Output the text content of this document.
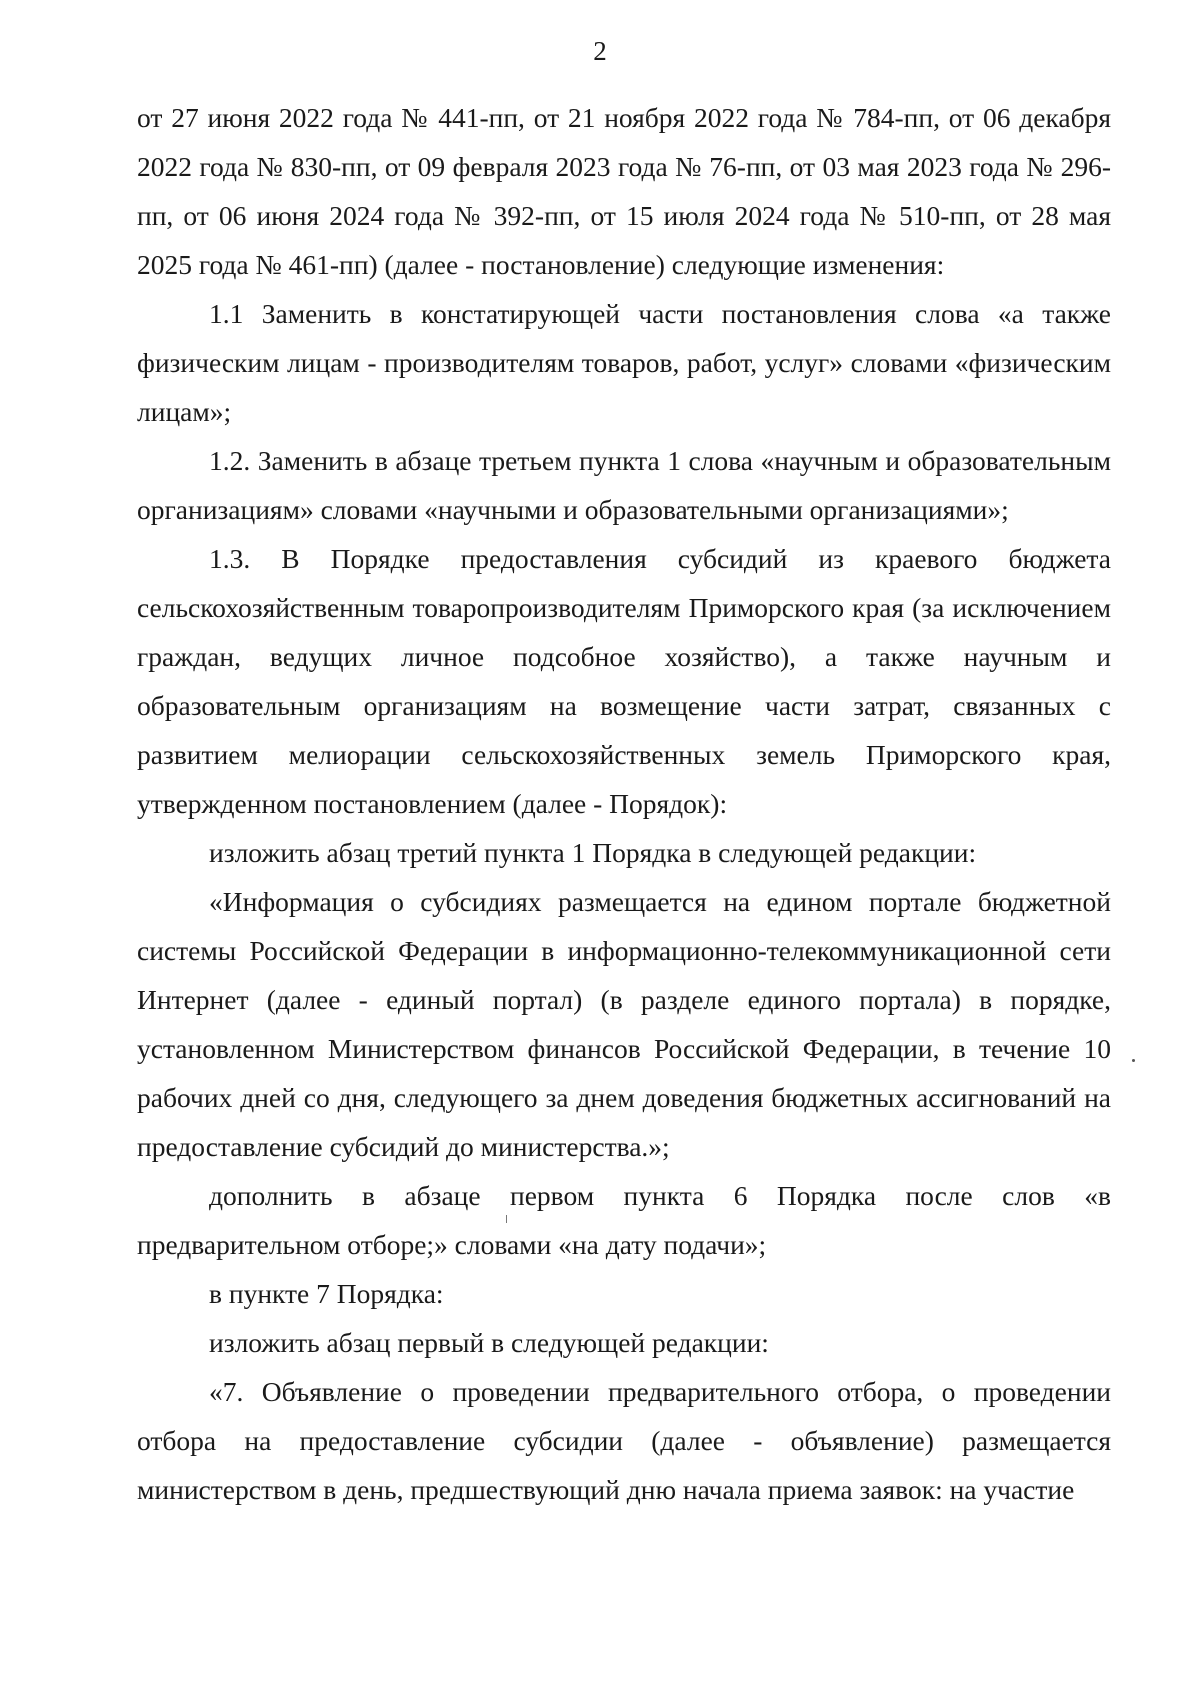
2

от 27 июня 2022 года № 441-пп, от 21 ноября 2022 года № 784-пп, от 06 декабря 2022 года № 830-пп, от 09 февраля 2023 года № 76-пп, от 03 мая 2023 года № 296-пп, от 06 июня 2024 года № 392-пп, от 15 июля 2024 года № 510-пп, от 28 мая 2025 года № 461-пп) (далее - постановление) следующие изменения:

1.1 Заменить в констатирующей части постановления слова «а также физическим лицам - производителям товаров, работ, услуг» словами «физическим лицам»;

1.2. Заменить в абзаце третьем пункта 1 слова «научным и образовательным организациям» словами «научными и образовательными организациями»;

1.3. В Порядке предоставления субсидий из краевого бюджета сельскохозяйственным товаропроизводителям Приморского края (за исключением граждан, ведущих личное подсобное хозяйство), а также научным и образовательным организациям на возмещение части затрат, связанных с развитием мелиорации сельскохозяйственных земель Приморского края, утвержденном постановлением (далее - Порядок):

изложить абзац третий пункта 1 Порядка в следующей редакции:

«Информация о субсидиях размещается на едином портале бюджетной системы Российской Федерации в информационно-телекоммуникационной сети Интернет (далее - единый портал) (в разделе единого портала) в порядке, установленном Министерством финансов Российской Федерации, в течение 10 рабочих дней со дня, следующего за днем доведения бюджетных ассигнований на предоставление субсидий до министерства.»;

дополнить в абзаце первом пункта 6 Порядка после слов «в предварительном отборе;» словами «на дату подачи»;

в пункте 7 Порядка:

изложить абзац первый в следующей редакции:

«7. Объявление о проведении предварительного отбора, о проведении отбора на предоставление субсидии (далее - объявление) размещается министерством в день, предшествующий дню начала приема заявок: на участие
